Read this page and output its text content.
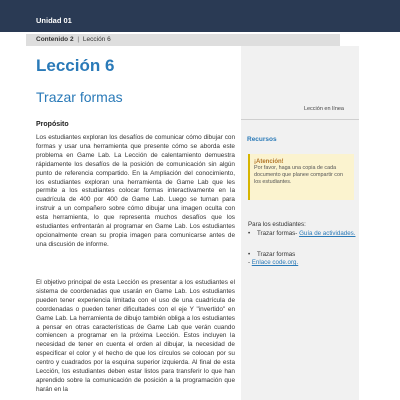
Unidad 01
Contenido 2 | Lección 6
Lección 6
Trazar formas
Lección en línea
Propósito

Los estudiantes exploran los desafíos de comunicar cómo dibujar con formas y usar una herramienta que presente cómo se aborda este problema en Game Lab. La Lección de calentamiento demuestra rápidamente los desafíos de la posición de comunicación sin algún punto de referencia compartido. En la Ampliación del conocimiento, los estudiantes exploran una herramienta de Game Lab que les permite a los estudiantes colocar formas interactivamente en la cuadrícula de 400 por 400 de Game Lab. Luego se turnan para instruir a un compañero sobre cómo dibujar una imagen oculta con esta herramienta, lo que representa muchos desafíos que los estudiantes enfrentarán al programar en Game Lab. Los estudiantes opcionalmente crean su propia imagen para comunicarse antes de una discusión de informe.

El objetivo principal de esta Lección es presentar a los estudiantes el sistema de coordenadas que usarán en Game Lab. Los estudiantes pueden tener experiencia limitada con el uso de una cuadrícula de coordenadas o pueden tener dificultades con el eje Y "invertido" en Game Lab. La herramienta de dibujo también obliga a los estudiantes a pensar en otras características de Game Lab que verán cuando comiencen a programar en la próxima Lección. Estos incluyen la necesidad de tener en cuenta el orden al dibujar, la necesidad de especificar el color y el hecho de que los círculos se colocan por su centro y cuadrados por la esquina superior izquierda. Al final de esta Lección, los estudiantes deben estar listos para transferir lo que han aprendido sobre la comunicación de posición a la programación que harán en la

Recursos
¡Atención!
Por favor, haga una copia de cada documento que planee compartir con los estudiantes.
Para los estudiantes:
• Trazar formas- Guía de actividades.
• Trazar formas
- Enlace code.org.
